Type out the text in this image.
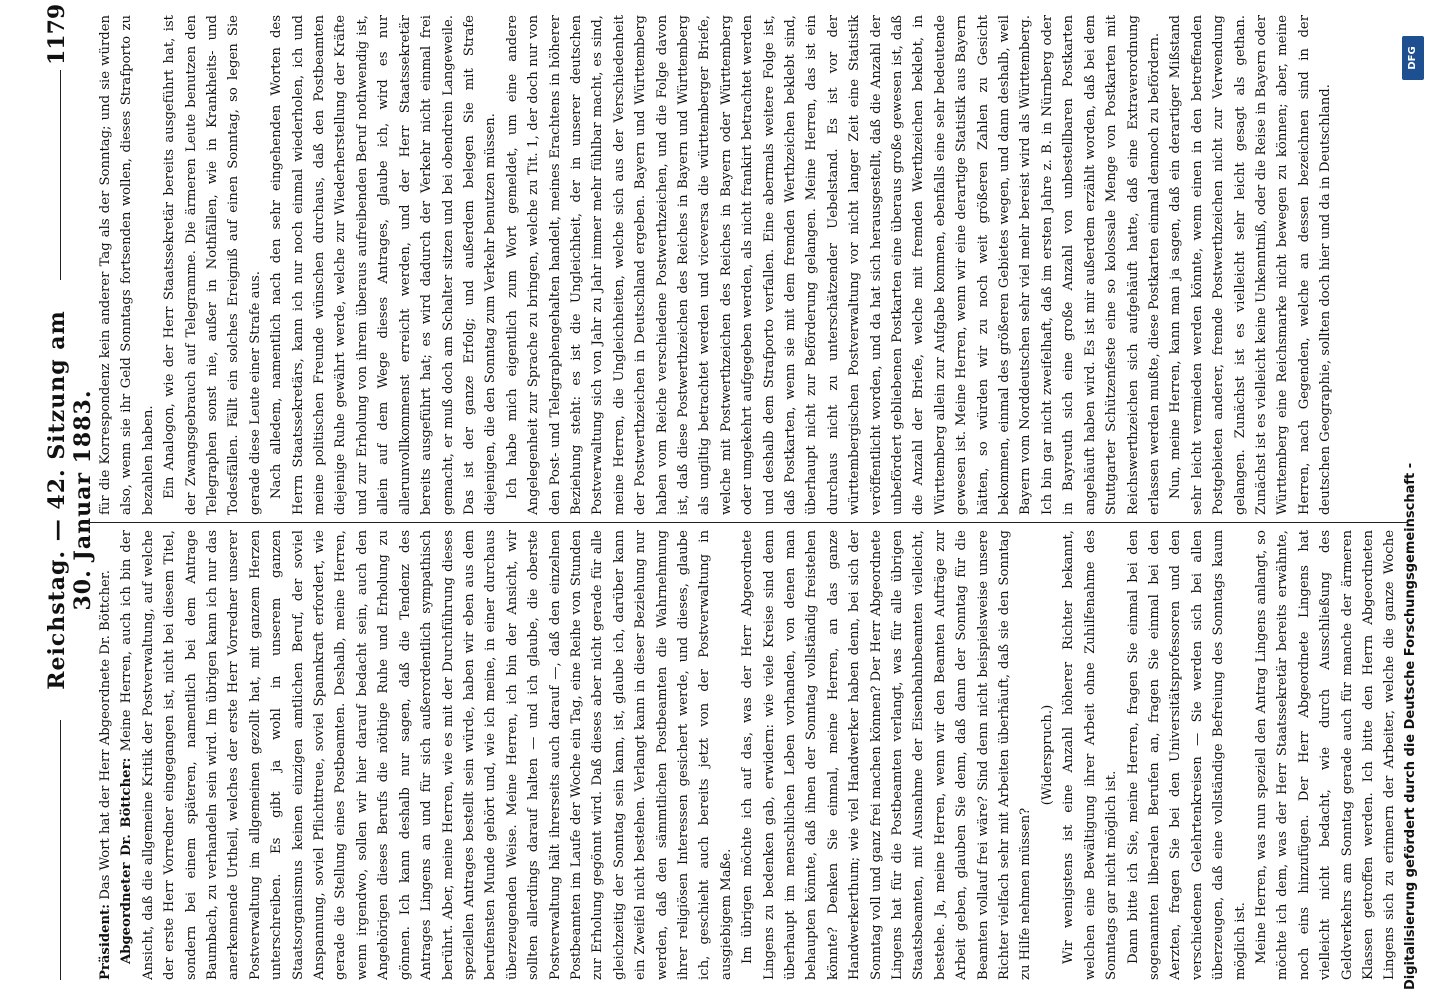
Reichstag. — 42. Sitzung am 30. Januar 1883.
1179

Präsident: Das Wort hat der Herr Abgeordnete Dr. Böttcher. Abgeordneter Dr. Böttcher: Meine Herren, auch ich bin der Ansicht, daß die allgemeine Kritik der Postverwaltung, auf welche der erste Herr Vorredner eingegangen ist, nicht bei diesem Titel, sondern bei einem späteren, namentlich bei dem Antrage Baumbach, zu verhandeln sein wird. Im übrigen kann ich nur das anerkennende Urtheil, welches der erste Herr Vorredner unserer Postverwaltung im allgemeinen gezollt hat, mit ganzem Herzen unterschreiben. Es gibt ja wohl in unserem ganzen Staatsorganismus keinen einzigen amtlichen Beruf, der soviel Anspannung, soviel Pflichttreue, soviel Spannkraft erfordert, wie gerade die Stellung eines Postbeamten. Deshalb, meine Herren, wenn irgendwo, sollen wir hier darauf bedacht sein, auch den Angehörigen dieses Berufs die nöthige Ruhe und Erholung zu gönnen. Ich kann deshalb nur sagen, daß die Tendenz des Antrages Lingens an und für sich außerordentlich sympathisch berührt. Aber, meine Herren, wie es mit der Durchführung dieses speziellen Antrages bestellt sein würde, haben wir eben aus dem berufensten Munde gehört und, wie ich meine, in einer durchaus überzeugenden Weise. Meine Herren, ich bin der Ansicht, wir sollten allerdings darauf halten — und ich glaube, die oberste Postverwaltung hält ihrerseits auch darauf —, daß den einzelnen Postbeamten im Laufe der Woche ein Tag, eine Reihe von Stunden zur Erholung gegönnt wird. Daß dieses aber nicht gerade für alle gleichzeitig der Sonntag sein kann, ist, glaube ich, darüber kann ein Zweifel nicht bestehen. Verlangt kann in dieser Beziehung nur werden, daß den sämmtlichen Postbeamten die Wahrnehmung ihrer religiösen Interessen gesichert werde, und dieses, glaube ich, geschieht auch bereits jetzt von der Postverwaltung in ausgiebigem Maße. Im übrigen möchte ich auf das, was der Herr Abgeordnete Lingens zu bedenken gab, erwidern: wie viele Kreise sind denn überhaupt im menschlichen Leben vorhanden, von denen man behaupten könnte, daß ihnen der Sonntag vollständig freistehen könnte? Denken Sie einmal, meine Herren, an das ganze Handwerkerthum; wie viel Handwerker haben denn, bei sich der Sonntag voll und ganz frei machen können? Der Herr Abgeordnete Lingens hat für die Postbeamten verlangt, was für alle übrigen Staatsbeamten, mit Ausnahme der Eisenbahnbeamten vielleicht, bestehe. Ja, meine Herren, wenn wir den Beamten Aufträge zur Arbeit geben, glauben Sie denn, daß dann der Sonntag für die Beamten vollauf frei wäre? Sind denn nicht beispielsweise unsere Richter vielfach sehr mit Arbeiten überhäuft, daß sie den Sonntag zu Hilfe nehmen müssen?

(Widerspruch.) Wir wenigstens ist eine Anzahl höherer Richter bekannt, welchen eine Bewältigung ihrer Arbeit ohne Zuhilfenahme des Sonntags gar nicht möglich ist. Dann bitte ich Sie, meine Herren, fragen Sie einmal bei den sogenannten liberalen Berufen an, fragen Sie einmal bei den Aerzten, fragen Sie bei den Universitätsprofessoren und den verschiedenen Gelehrtenkreisen — Sie werden sich bei allen überzeugen, daß eine vollständige Befreiung des Sonntags kaum möglich ist. Meine Herren, was nun speziell den Antrag Lingens anlangt, so möchte ich dem, was der Herr Staatssekretär bereits erwähnte, noch eins hinzufügen. Der Herr Abgeordnete Lingens hat vielleicht nicht bedacht, wie durch Ausschließung des Geldverkehrs am Sonntag gerade auch für manche der ärmeren Klassen getroffen werden. Ich bitte den Herrn Abgeordneten Lingens sich zu erinnern der Arbeiter, welche die ganze Woche

für die Korrespondenz kein anderer Tag als der Sonntag; und sie würden also, wenn sie ihr Geld Sonntags fortsenden wollen, dieses Strafporto zu bezahlen haben. Ein Analogon, wie der Herr Staatssekretär bereits ausgeführt hat, ist der Zwangsgebrauch auf Telegramme. Die ärmeren Leute benutzen den Telegraphen sonst nie, außer in Nothfällen, wie in Krankheits- und Todesfällen. Fällt ein solches Ereigniß auf einen Sonntag, so legen Sie gerade diese Leute einer Strafe aus. Nach alledem, namentlich nach den sehr eingehenden Worten des Herrn Staatssekretärs, kann ich nur noch einmal wiederholen, ich und meine politischen Freunde wünschen durchaus, daß den Postbeamten diejenige Ruhe gewährt werde, welche zur Wiederherstellung der Kräfte und zur Erholung von ihrem überaus aufreibenden Beruf nothwendig ist, allein auf dem Wege dieses Antrages, glaube ich, wird es nur allerunvollkommenst erreicht werden, und der Herr Staatssekretär bereits ausgeführt hat; es wird dadurch der Verkehr nicht einmal frei gemacht, er muß doch am Schalter sitzen und bei obendrein Langeweile. Das ist der ganze Erfolg; und außerdem belegen Sie mit Strafe diejenigen, die den Sonntag zum Verkehr benutzen müssen. Ich habe mich eigentlich zum Wort gemeldet, um eine andere Angelegenheit zur Sprache zu bringen, welche zu Tit. 1, der doch nur von den Post- und Telegraphengehalten handelt, meines Erachtens in höherer Beziehung steht: es ist die Ungleichheit, der in unserer deutschen Postverwaltung sich von Jahr zu Jahr immer mehr fühlbar macht, es sind, meine Herren, die Ungleichheiten, welche sich aus der Verschiedenheit der Postwerthzeichen in Deutschland ergeben. Bayern und Württemberg haben vom Reiche verschiedene Postwerthzeichen, und die Folge davon ist, daß diese Postwerthzeichen des Reiches in Bayern und Württemberg als ungiltig betrachtet werden und viceversa die württemberger Briefe, welche mit Postwerthzeichen des Reiches in Bayern oder Württemberg oder umgekehrt aufgegeben werden, als nicht frankirt betrachtet werden und deshalb dem Strafporto verfallen. Eine abermals weitere Folge ist, daß Postkarten, wenn sie mit dem fremden Werthzeichen beklebt sind, überhaupt nicht zur Beförderung gelangen. Meine Herren, das ist ein durchaus nicht zu unterschätzender Uebelstand. Es ist vor der württembergischen Postverwaltung vor nicht langer Zeit eine Statistik veröffentlicht worden, und da hat sich herausgestellt, daß die Anzahl der unbefördert gebliebenen Postkarten eine überaus große gewesen ist, daß die Anzahl der Briefe, welche mit fremden Werthzeichen beklebt, in Württemberg allein zur Aufgabe kommen, ebenfalls eine sehr bedeutende gewesen ist. Meine Herren, wenn wir eine derartige Statistik aus Bayern hätten, so würden wir zu noch weit größeren Zahlen zu Gesicht bekommen, einmal des größeren Gebietes wegen, und dann deshalb, weil Bayern vom Norddeutschen sehr viel mehr bereist wird als Württemberg. Ich bin gar nicht zweifelhaft, daß im ersten Jahre z. B. in Nürnberg oder in Bayreuth sich eine große Anzahl von unbestellbaren Postkarten angehäuft haben wird. Es ist mir außerdem erzählt worden, daß bei dem Stuttgarter Schützenfeste eine so kolossale Menge von Postkarten mit Reichswerthzeichen sich aufgehäuft hatte, daß eine Extraverordnung erlassen werden mußte, diese Postkarten einmal dennoch zu befördern. Nun, meine Herren, kann man ja sagen, daß ein derartiger Mißstand sehr leicht vermieden werden könnte, wenn einen in den betreffenden Postgebieten anderer, fremde Postwerthzeichen nicht zur Verwendung gelangen. Zunächst ist es vielleicht sehr leicht gesagt als gethan. Zunächst ist es vielleicht keine Unkenntniß, oder die Reise in Bayern oder Württemberg eine Reichsmarke nicht bewegen zu können; aber, meine Herren, nach Gegenden, welche an dessen bezeichnen sind in der deutschen Geographie, sollten doch hier und da in Deutschland.

Digitalisierung gefördert durch die Deutsche Forschungsgemeinschaft -
DFG
